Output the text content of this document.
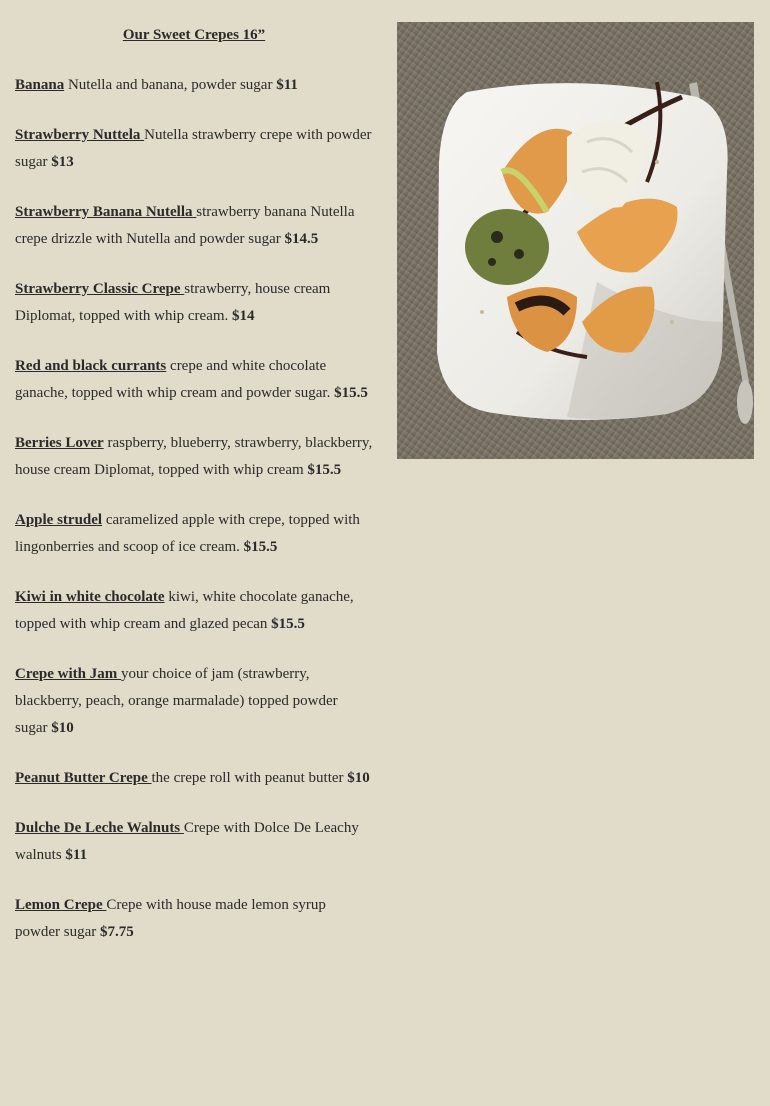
Our Sweet Crepes 16”
Banana Nutella and banana, powder sugar $11
Strawberry Nuttela Nutella strawberry crepe with powder sugar $13
Strawberry Banana Nutella strawberry banana Nutella crepe drizzle with Nutella and powder sugar $14.5
Strawberry Classic Crepe strawberry, house cream Diplomat, topped with whip cream. $14
Red and black currants crepe and white chocolate ganache, topped with whip cream and powder sugar. $15.5
Berries Lover raspberry, blueberry, strawberry, blackberry, house cream Diplomat, topped with whip cream $15.5
Apple strudel caramelized apple with crepe, topped with lingonberries and scoop of ice cream. $15.5
Kiwi in white chocolate kiwi, white chocolate ganache, topped with whip cream and glazed pecan $15.5
Crepe with Jam your choice of jam (strawberry, blackberry, peach, orange marmalade) topped powder sugar $10
Peanut Butter Crepe the crepe roll with peanut butter $10
Dulche De Leche Walnuts Crepe with Dolce De Leachy walnuts $11
Lemon Crepe Crepe with house made lemon syrup powder sugar $7.75
